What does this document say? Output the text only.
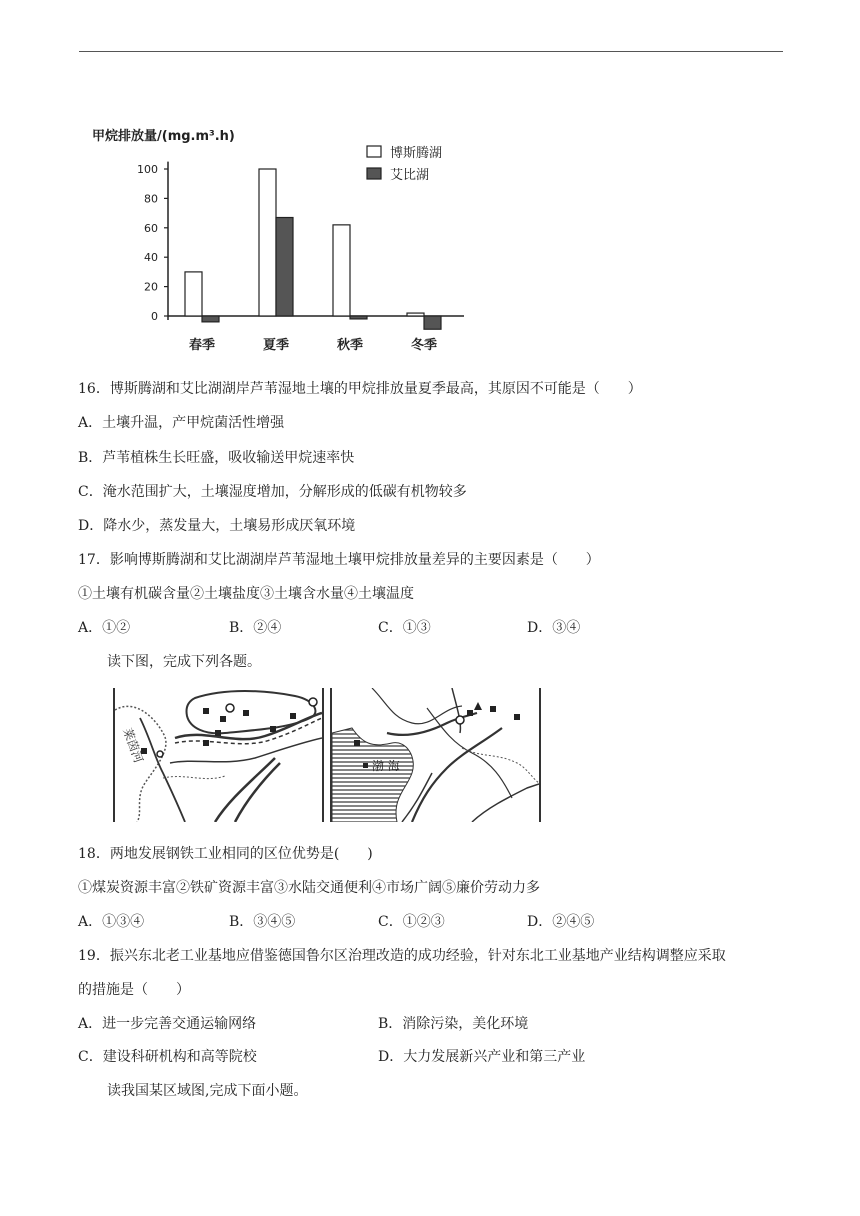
甲烷排放量/(mg.m³.h)
博斯腾湖
艾比湖
0
20
40
60
80
100
春季	夏季	秋季	冬季
16．博斯腾湖和艾比湖湖岸芦苇湿地土壤的甲烷排放量夏季最高，其原因不可能是（　　）
A．土壤升温，产甲烷菌活性增强
B．芦苇植株生长旺盛，吸收输送甲烷速率快
C．淹水范围扩大，土壤湿度增加，分解形成的低碳有机物较多
D．降水少，蒸发量大，土壤易形成厌氧环境
17．影响博斯腾湖和艾比湖湖岸芦苇湿地土壤甲烷排放量差异的主要因素是（　　）
①土壤有机碳含量②土壤盐度③土壤含水量④土壤温度
A．①②	B．②④	C．①③	D．③④
读下图，完成下列各题。
莱茵河
渤 海
18．两地发展钢铁工业相同的区位优势是(　　)
①煤炭资源丰富②铁矿资源丰富③水陆交通便利④市场广阔⑤廉价劳动力多
A．①③④	B．③④⑤	C．①②③	D．②④⑤
19．振兴东北老工业基地应借鉴德国鲁尔区治理改造的成功经验，针对东北工业基地产业结构调整应采取
的措施是（　　）
A．进一步完善交通运输网络	B．消除污染，美化环境
C．建设科研机构和高等院校	D．大力发展新兴产业和第三产业
读我国某区域图,完成下面小题。
